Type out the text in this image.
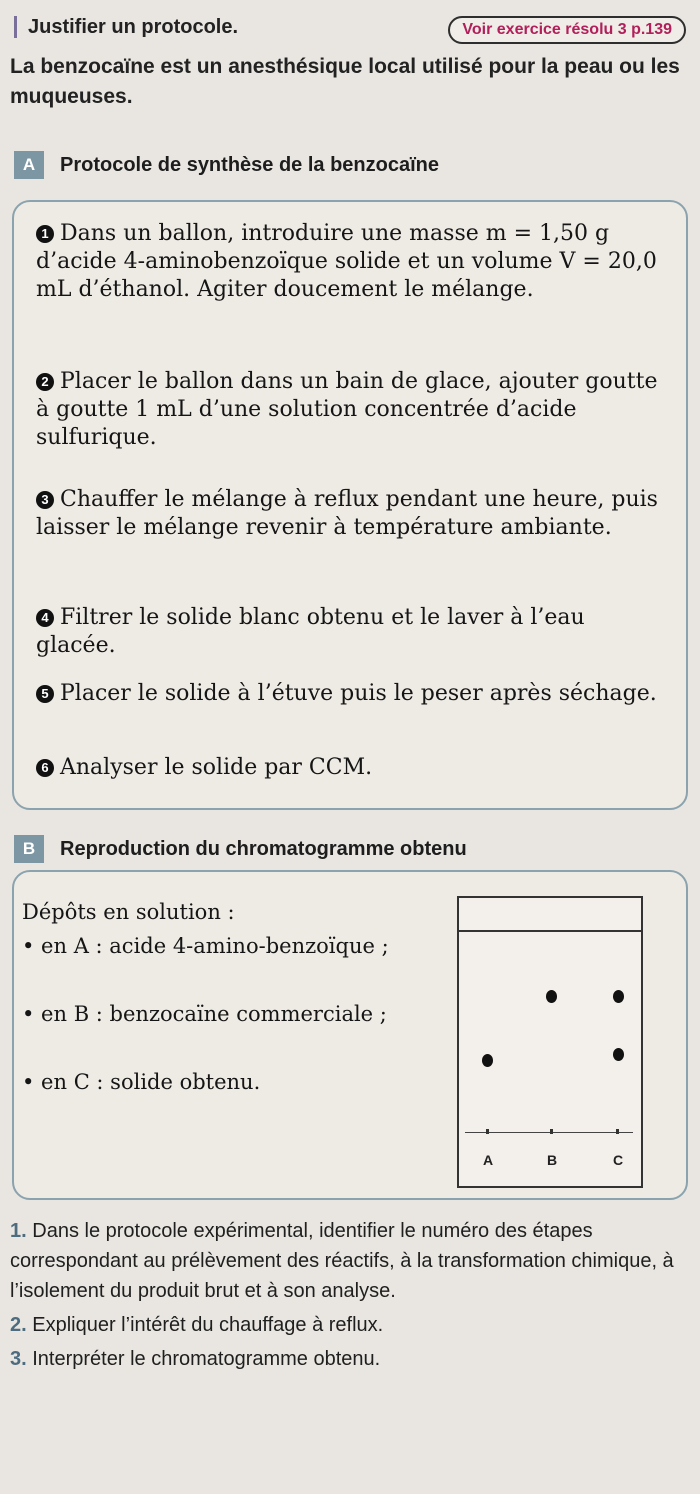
Justifier un protocole.	Voir exercice résolu 3 p.139
La benzocaïne est un anesthésique local utilisé pour la peau ou les muqueuses.
A	Protocole de synthèse de la benzocaïne
1 Dans un ballon, introduire une masse m = 1,50 g d’acide 4-aminobenzoïque solide et un volume V = 20,0 mL d’éthanol. Agiter doucement le mélange.
2 Placer le ballon dans un bain de glace, ajouter goutte à goutte 1 mL d’une solution concentrée d’acide sulfurique.
3 Chauffer le mélange à reflux pendant une heure, puis laisser le mélange revenir à température ambiante.
4 Filtrer le solide blanc obtenu et le laver à l’eau glacée.
5 Placer le solide à l’étuve puis le peser après séchage.
6 Analyser le solide par CCM.
B	Reproduction du chromatogramme obtenu
Dépôts en solution :
• en A : acide 4-amino-benzoïque ;
• en B : benzocaïne commerciale ;
• en C : solide obtenu.
A	B	C

1. Dans le protocole expérimental, identifier le numéro des étapes correspondant au prélèvement des réactifs, à la transformation chimique, à l’isolement du produit brut et à son analyse.

2. Expliquer l’intérêt du chauffage à reflux.

3. Interpréter le chromatogramme obtenu.
